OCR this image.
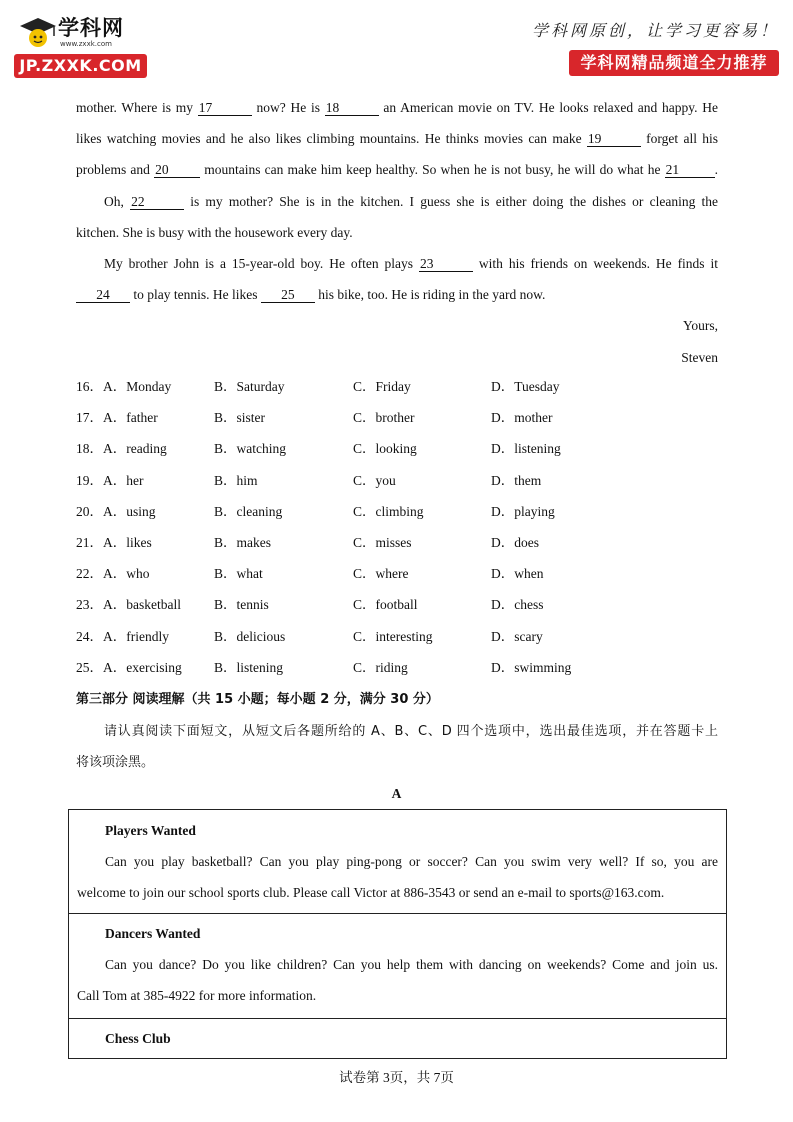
学科网
www.zxxk.com
JP.ZXXK.COM
学科网原创，让学习更容易！
学科网精品频道全力推荐
mother. Where is my 17	now? He is 18	an American movie on TV. He looks relaxed and happy. He
likes watching movies and he also likes climbing mountains. He thinks movies can make 19	forget all his
problems and 20 mountains can make him keep healthy. So when he is not busy, he will do what he 21	.
Oh, 22	is my mother? She is in the kitchen. I guess she is either doing the dishes or cleaning the
kitchen. She is busy with the housework every day.
My brother John is a 15-year-old boy. He often plays 23	with his friends on weekends. He finds it
24 to play tennis. He likes 25 his bike, too. He is riding in the yard now.
Yours,
Steven
16．A．Monday	B．Saturday	C．Friday	D．Tuesday
17．A．father	B．sister	C．brother	D．mother
18．A．reading	B．watching	C．looking	D．listening
19．A．her	B．him	C．you	D．them
20．A．using	B．cleaning	C．climbing	D．playing
21．A．likes	B．makes	C．misses	D．does
22．A．who	B．what	C．where	D．when
23．A．basketball B．tennis	C．football	D．chess
24．A．friendly	B．delicious	C．interesting	D．scary
25．A．exercising B．listening	C．riding	D．swimming
第三部分 阅读理解（共 15 小题；每小题 2 分，满分 30 分）
请认真阅读下面短文，从短文后各题所给的 A、B、C、D 四个选项中，选出最佳选项，并在答题卡上
将该项涂黑。
A
Players Wanted
Can you play basketball? Can you play ping-pong or soccer? Can you swim very well? If so, you are
welcome to join our school sports club. Please call Victor at 886-3543 or send an e-mail to sports@163.com.
Dancers Wanted
Can you dance? Do you like children? Can you help them with dancing on weekends? Come and join us.
Call Tom at 385-4922 for more information.
Chess Club
试卷第 3页，共 7页
